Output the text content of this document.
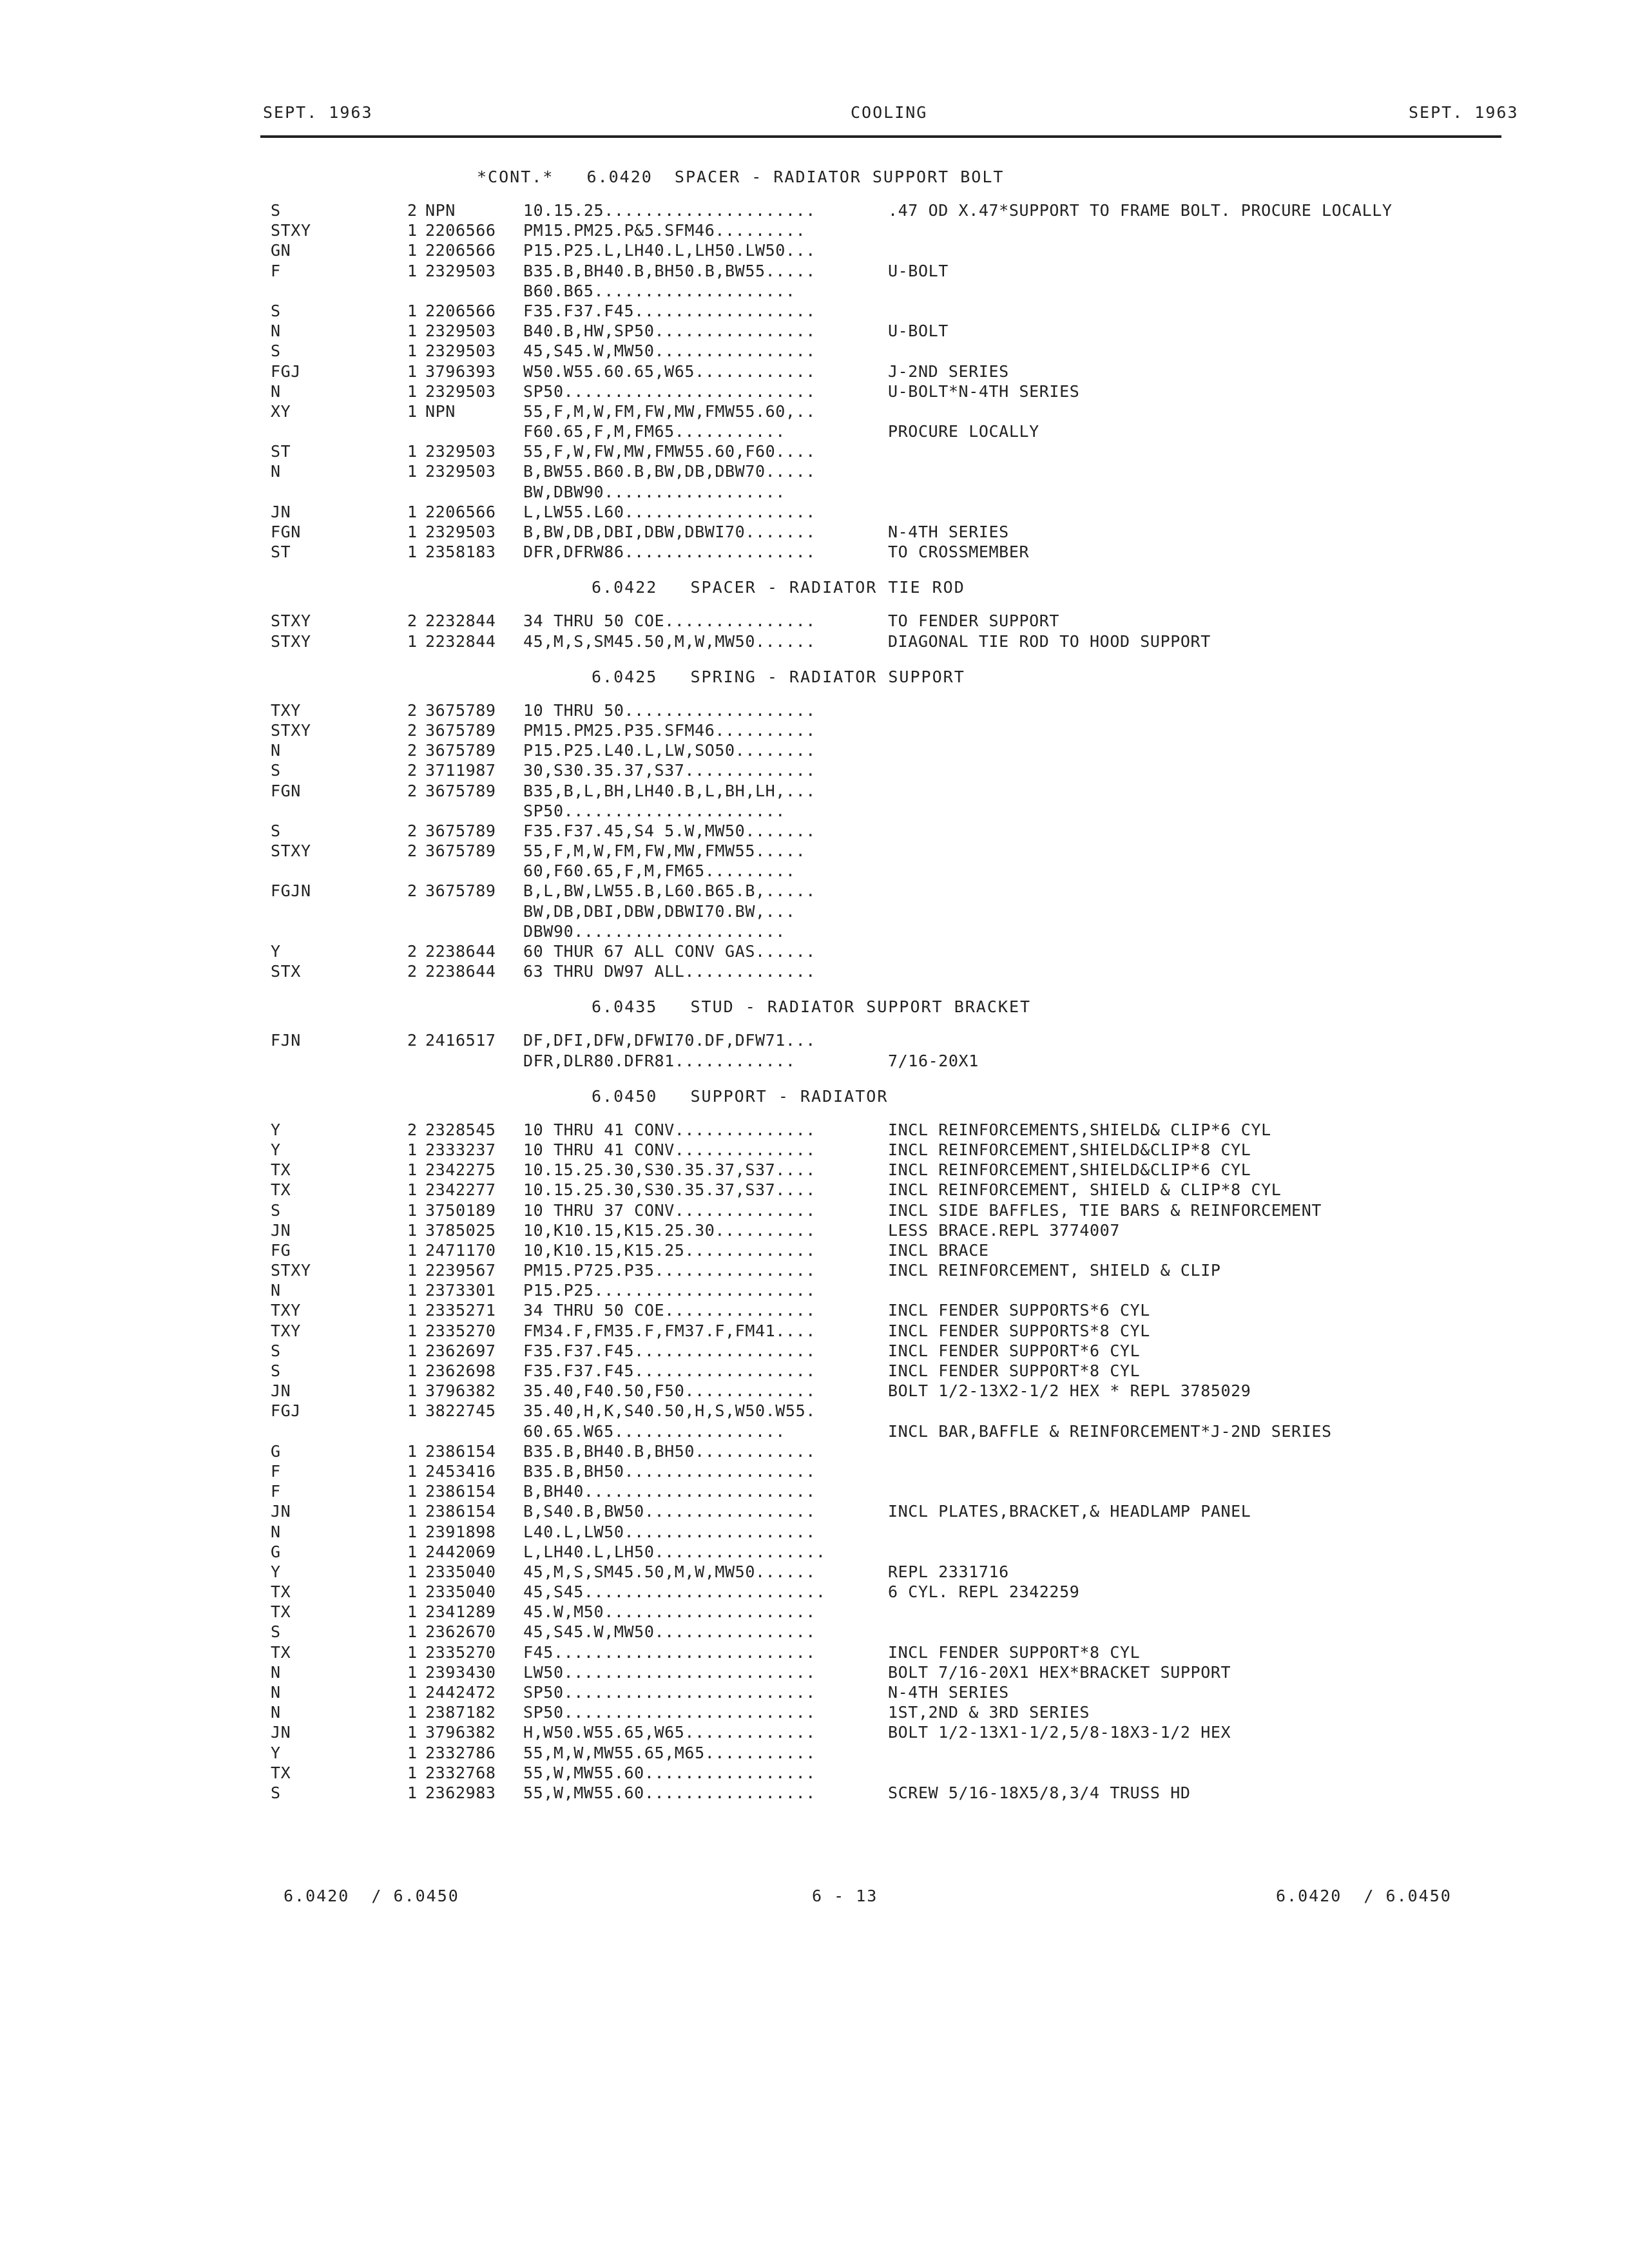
SEPT. 1963	COOLING	SEPT. 1963
*CONT.*   6.0420  SPACER - RADIATOR SUPPORT BOLT
S	2 NPN	10.15.25.....................	.47 OD X.47*SUPPORT TO FRAME BOLT. PROCURE LOCALLY
STXY	1 2206566 PM15.PM25.P&5.SFM46.........
GN	1 2206566 P15.P25.L,LH40.L,LH50.LW50...
F	1 2329503 B35.B,BH40.B,BH50.B,BW55.....	U-BOLT
B60.B65....................
S	1 2206566 F35.F37.F45..................
N	1 2329503 B40.B,HW,SP50................	U-BOLT
S	1 2329503 45,S45.W,MW50................
FGJ	1 3796393 W50.W55.60.65,W65............	J-2ND SERIES
N	1 2329503 SP50.........................	U-BOLT*N-4TH SERIES
XY	1 NPN	55,F,M,W,FM,FW,MW,FMW55.60,..
F60.65,F,M,FM65...........	PROCURE LOCALLY
ST	1 2329503 55,F,W,FW,MW,FMW55.60,F60....
N	1 2329503 B,BW55.B60.B,BW,DB,DBW70.....
BW,DBW90..................
JN	1 2206566 L,LW55.L60...................
FGN	1 2329503 B,BW,DB,DBI,DBW,DBWI70.......	N-4TH SERIES
ST	1 2358183 DFR,DFRW86...................	TO CROSSMEMBER
6.0422   SPACER - RADIATOR TIE ROD
STXY	2 2232844 34 THRU 50 COE...............	TO FENDER SUPPORT
STXY	1 2232844 45,M,S,SM45.50,M,W,MW50......	DIAGONAL TIE ROD TO HOOD SUPPORT
6.0425   SPRING - RADIATOR SUPPORT
TXY	2 3675789 10 THRU 50...................
STXY	2 3675789 PM15.PM25.P35.SFM46..........
N	2 3675789 P15.P25.L40.L,LW,SO50........
S	2 3711987 30,S30.35.37,S37.............
FGN	2 3675789 B35,B,L,BH,LH40.B,L,BH,LH,...
SP50......................
S	2 3675789 F35.F37.45,S4 5.W,MW50.......
STXY	2 3675789 55,F,M,W,FM,FW,MW,FMW55.....
60,F60.65,F,M,FM65.........
FGJN	2 3675789 B,L,BW,LW55.B,L60.B65.B,.....
BW,DB,DBI,DBW,DBWI70.BW,...
DBW90.....................
Y	2 2238644 60 THUR 67 ALL CONV GAS......
STX	2 2238644 63 THRU DW97 ALL.............
6.0435   STUD - RADIATOR SUPPORT BRACKET
FJN	2 2416517 DF,DFI,DFW,DFWI70.DF,DFW71...
DFR,DLR80.DFR81............	7/16-20X1
6.0450   SUPPORT - RADIATOR
Y	2 2328545 10 THRU 41 CONV..............	INCL REINFORCEMENTS,SHIELD& CLIP*6 CYL
Y	1 2333237 10 THRU 41 CONV..............	INCL REINFORCEMENT,SHIELD&CLIP*8 CYL
TX	1 2342275 10.15.25.30,S30.35.37,S37....	INCL REINFORCEMENT,SHIELD&CLIP*6 CYL
TX	1 2342277 10.15.25.30,S30.35.37,S37....	INCL REINFORCEMENT, SHIELD & CLIP*8 CYL
S	1 3750189 10 THRU 37 CONV..............	INCL SIDE BAFFLES, TIE BARS & REINFORCEMENT
JN	1 3785025 10,K10.15,K15.25.30..........	LESS BRACE.REPL 3774007
FG	1 2471170 10,K10.15,K15.25.............	INCL BRACE
STXY	1 2239567 PM15.P725.P35................	INCL REINFORCEMENT, SHIELD & CLIP
N	1 2373301 P15.P25......................
TXY	1 2335271 34 THRU 50 COE...............	INCL FENDER SUPPORTS*6 CYL
TXY	1 2335270 FM34.F,FM35.F,FM37.F,FM41....	INCL FENDER SUPPORTS*8 CYL
S	1 2362697 F35.F37.F45..................	INCL FENDER SUPPORT*6 CYL
S	1 2362698 F35.F37.F45..................	INCL FENDER SUPPORT*8 CYL
JN	1 3796382 35.40,F40.50,F50.............	BOLT 1/2-13X2-1/2 HEX * REPL 3785029
FGJ	1 3822745 35.40,H,K,S40.50,H,S,W50.W55.
60.65.W65.................	INCL BAR,BAFFLE & REINFORCEMENT*J-2ND SERIES
G	1 2386154 B35.B,BH40.B,BH50............
F	1 2453416 B35.B,BH50...................
F	1 2386154 B,BH40.......................
JN	1 2386154 B,S40.B,BW50.................	INCL PLATES,BRACKET,& HEADLAMP PANEL
N	1 2391898 L40.L,LW50...................
G	1 2442069 L,LH40.L,LH50.................
Y	1 2335040 45,M,S,SM45.50,M,W,MW50......	REPL 2331716
TX	1 2335040 45,S45........................	6 CYL. REPL 2342259
TX	1 2341289 45.W,M50.....................
S	1 2362670 45,S45.W,MW50................
TX	1 2335270 F45..........................	INCL FENDER SUPPORT*8 CYL
N	1 2393430 LW50.........................	BOLT 7/16-20X1 HEX*BRACKET SUPPORT
N	1 2442472 SP50.........................	N-4TH SERIES
N	1 2387182 SP50.........................	1ST,2ND & 3RD SERIES
JN	1 3796382 H,W50.W55.65,W65.............	BOLT 1/2-13X1-1/2,5/8-18X3-1/2 HEX
Y	1 2332786 55,M,W,MW55.65,M65...........
TX	1 2332768 55,W,MW55.60.................
S	1 2362983 55,W,MW55.60.................	SCREW 5/16-18X5/8,3/4 TRUSS HD
6.0420  / 6.0450	6 - 13	6.0420  / 6.0450
